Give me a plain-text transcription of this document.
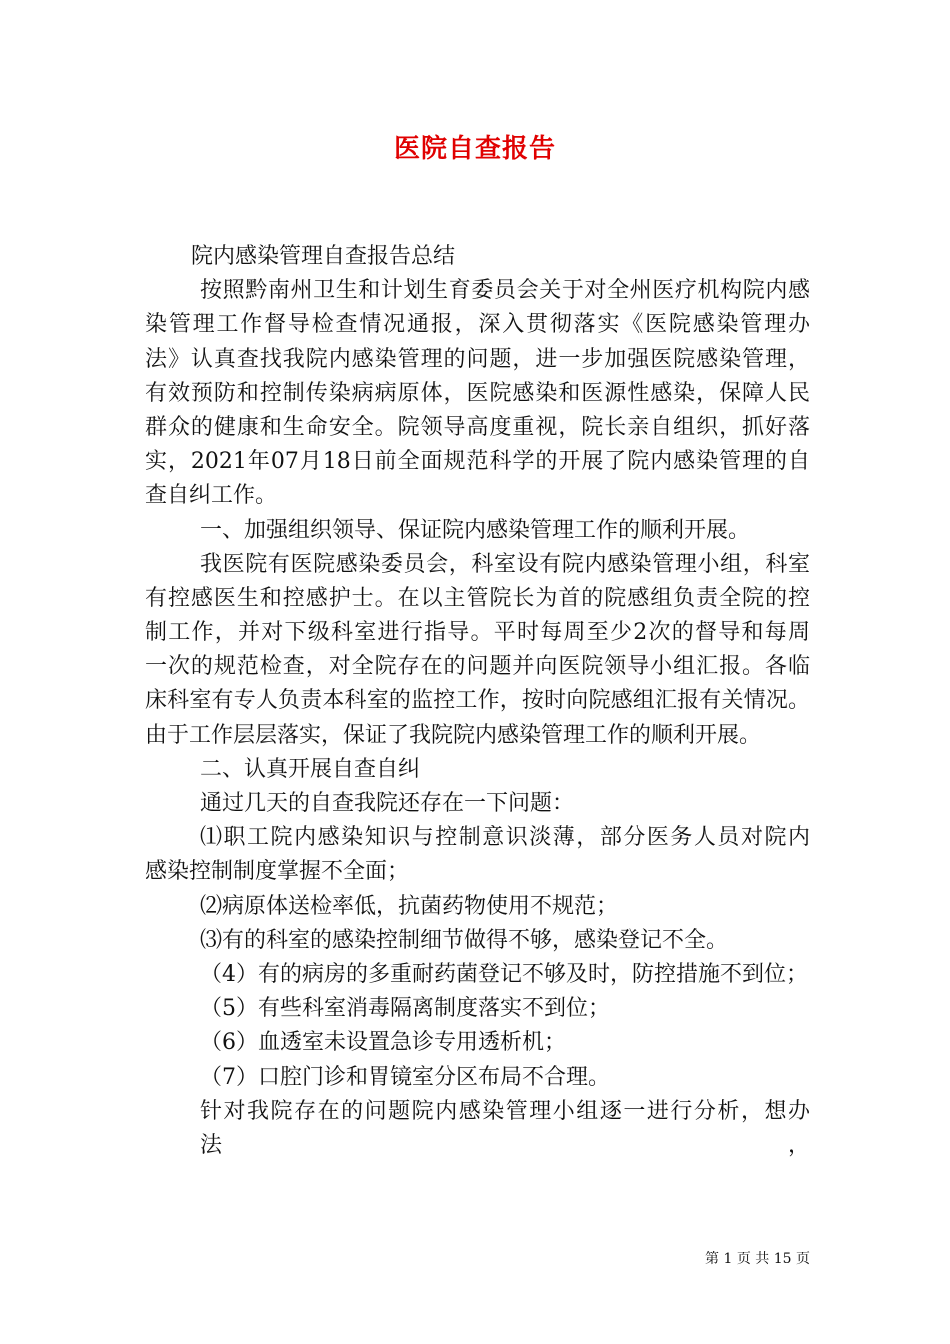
医院自查报告
院内感染管理自查报告总结
按照黔南州卫生和计划生育委员会关于对全州医疗机构院内感
染管理工作督导检查情况通报，深入贯彻落实《医院感染管理办
法》认真查找我院内感染管理的问题，进一步加强医院感染管理，
有效预防和控制传染病病原体，医院感染和医源性感染，保障人民
群众的健康和生命安全。院领导高度重视，院长亲自组织，抓好落
实，2021年07月18日前全面规范科学的开展了院内感染管理的自
查自纠工作。
一、加强组织领导、保证院内感染管理工作的顺利开展。
我医院有医院感染委员会，科室设有院内感染管理小组，科室
有控感医生和控感护士。在以主管院长为首的院感组负责全院的控
制工作，并对下级科室进行指导。平时每周至少2次的督导和每周
一次的规范检查，对全院存在的问题并向医院领导小组汇报。各临
床科室有专人负责本科室的监控工作，按时向院感组汇报有关情况。
由于工作层层落实，保证了我院院内感染管理工作的顺利开展。
二、认真开展自查自纠
通过几天的自查我院还存在一下问题：
⑴职工院内感染知识与控制意识淡薄，部分医务人员对院内
感染控制制度掌握不全面；
⑵病原体送检率低，抗菌药物使用不规范；
⑶有的科室的感染控制细节做得不够，感染登记不全。
（4）有的病房的多重耐药菌登记不够及时，防控措施不到位；
（5）有些科室消毒隔离制度落实不到位；
（6）血透室未设置急诊专用透析机；
（7）口腔门诊和胃镜室分区布局不合理。
针对我院存在的问题院内感染管理小组逐一进行分析，想办法，
第 1 页 共 15 页
